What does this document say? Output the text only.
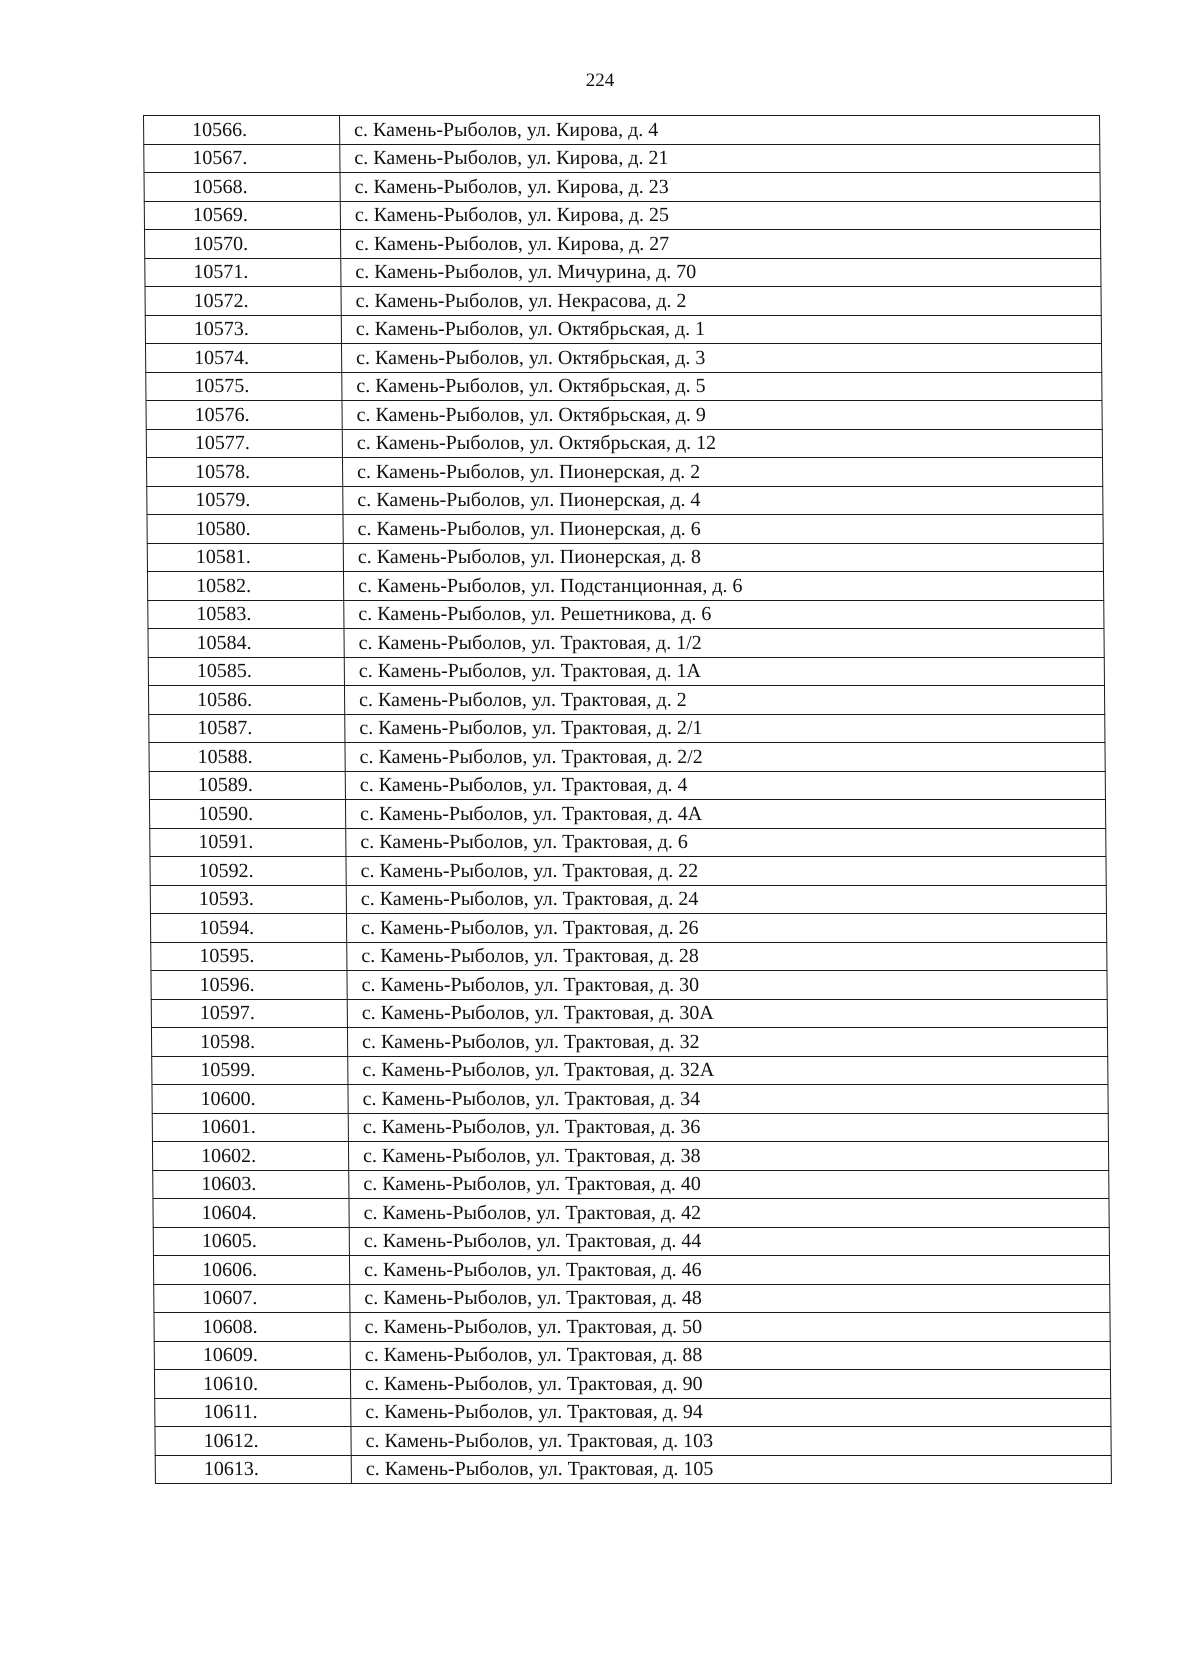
224
10566.	с. Камень-Рыболов, ул. Кирова, д. 4
10567.	с. Камень-Рыболов, ул. Кирова, д. 21
10568.	с. Камень-Рыболов, ул. Кирова, д. 23
10569.	с. Камень-Рыболов, ул. Кирова, д. 25
10570.	с. Камень-Рыболов, ул. Кирова, д. 27
10571.	с. Камень-Рыболов, ул. Мичурина, д. 70
10572.	с. Камень-Рыболов, ул. Некрасова, д. 2
10573.	с. Камень-Рыболов, ул. Октябрьская, д. 1
10574.	с. Камень-Рыболов, ул. Октябрьская, д. 3
10575.	с. Камень-Рыболов, ул. Октябрьская, д. 5
10576.	с. Камень-Рыболов, ул. Октябрьская, д. 9
10577.	с. Камень-Рыболов, ул. Октябрьская, д. 12
10578.	с. Камень-Рыболов, ул. Пионерская, д. 2
10579.	с. Камень-Рыболов, ул. Пионерская, д. 4
10580.	с. Камень-Рыболов, ул. Пионерская, д. 6
10581.	с. Камень-Рыболов, ул. Пионерская, д. 8
10582.	с. Камень-Рыболов, ул. Подстанционная, д. 6
10583.	с. Камень-Рыболов, ул. Решетникова, д. 6
10584.	с. Камень-Рыболов, ул. Трактовая, д. 1/2
10585.	с. Камень-Рыболов, ул. Трактовая, д. 1А
10586.	с. Камень-Рыболов, ул. Трактовая, д. 2
10587.	с. Камень-Рыболов, ул. Трактовая, д. 2/1
10588.	с. Камень-Рыболов, ул. Трактовая, д. 2/2
10589.	с. Камень-Рыболов, ул. Трактовая, д. 4
10590.	с. Камень-Рыболов, ул. Трактовая, д. 4А
10591.	с. Камень-Рыболов, ул. Трактовая, д. 6
10592.	с. Камень-Рыболов, ул. Трактовая, д. 22
10593.	с. Камень-Рыболов, ул. Трактовая, д. 24
10594.	с. Камень-Рыболов, ул. Трактовая, д. 26
10595.	с. Камень-Рыболов, ул. Трактовая, д. 28
10596.	с. Камень-Рыболов, ул. Трактовая, д. 30
10597.	с. Камень-Рыболов, ул. Трактовая, д. 30А
10598.	с. Камень-Рыболов, ул. Трактовая, д. 32
10599.	с. Камень-Рыболов, ул. Трактовая, д. 32А
10600.	с. Камень-Рыболов, ул. Трактовая, д. 34
10601.	с. Камень-Рыболов, ул. Трактовая, д. 36
10602.	с. Камень-Рыболов, ул. Трактовая, д. 38
10603.	с. Камень-Рыболов, ул. Трактовая, д. 40
10604.	с. Камень-Рыболов, ул. Трактовая, д. 42
10605.	с. Камень-Рыболов, ул. Трактовая, д. 44
10606.	с. Камень-Рыболов, ул. Трактовая, д. 46
10607.	с. Камень-Рыболов, ул. Трактовая, д. 48
10608.	с. Камень-Рыболов, ул. Трактовая, д. 50
10609.	с. Камень-Рыболов, ул. Трактовая, д. 88
10610.	с. Камень-Рыболов, ул. Трактовая, д. 90
10611.	с. Камень-Рыболов, ул. Трактовая, д. 94
10612.	с. Камень-Рыболов, ул. Трактовая, д. 103
10613.	с. Камень-Рыболов, ул. Трактовая, д. 105
